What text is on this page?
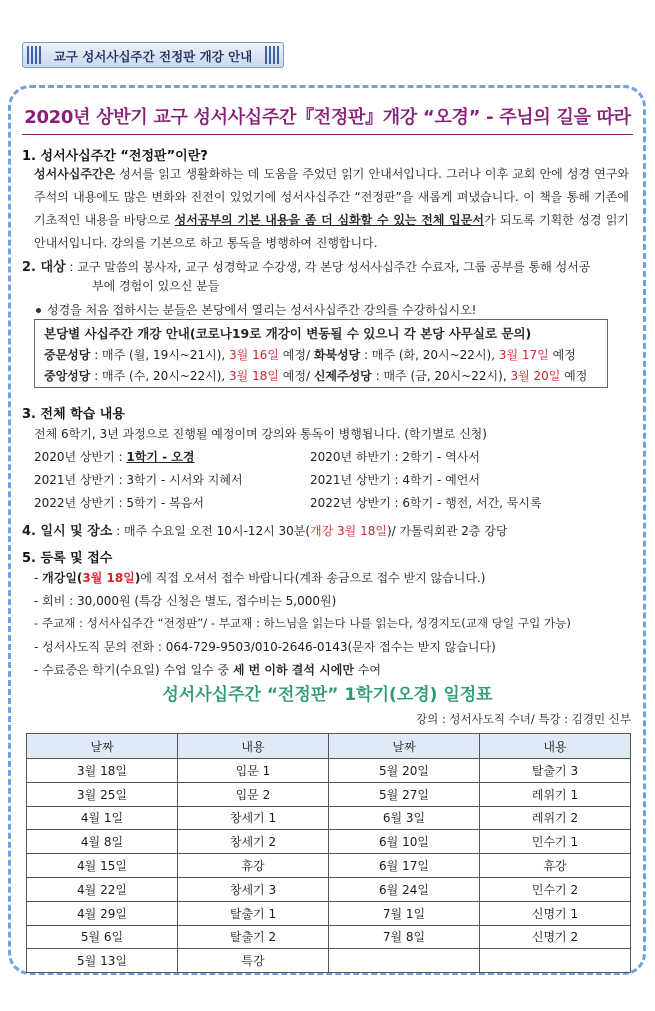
교구 성서사십주간 전정판 개강 안내
2020년 상반기 교구 성서사십주간『전정판』개강 “오경” - 주님의 길을 따라
1. 성서사십주간 “전정판”이란?
성서사십주간은 성서를 읽고 생활화하는 데 도움을 주었던 읽기 안내서입니다. 그러나 이후 교회 안에 성경 연구와 주석의 내용에도 많은 변화와 진전이 있었기에 성서사십주간 “전정판”을 새롭게 펴냈습니다. 이 책을 통해 기존에 기초적인 내용을 바탕으로 성서공부의 기본 내용을 좀 더 심화할 수 있는 전체 입문서가 되도록 기획한 성경 읽기 안내서입니다. 강의를 기본으로 하고 통독을 병행하여 진행합니다.
2. 대상 : 교구 말씀의 봉사자, 교구 성경학교 수강생, 각 본당 성서사십주간 수료자, 그룹 공부를 통해 성서공
부에 경험이 있으신 분들
성경을 처음 접하시는 분들은 본당에서 열리는 성서사십주간 강의를 수강하십시오!
본당별 사십주간 개강 안내(코로나19로 개강이 변동될 수 있으니 각 본당 사무실로 문의)
중문성당 : 매주 (월, 19시~21시), 3월 16일 예정/ 화북성당 : 매주 (화, 20시~22시), 3월 17일 예정
중앙성당 : 매주 (수, 20시~22시), 3월 18일 예정/ 신제주성당 : 매주 (금, 20시~22시), 3월 20일 예정
3. 전체 학습 내용
전체 6학기, 3년 과정으로 진행될 예정이며 강의와 통독이 병행됩니다. (학기별로 신청)
2020년 상반기 : 1학기 - 오경	2020년 하반기 : 2학기 - 역사서
2021년 상반기 : 3학기 - 시서와 지혜서	2021년 상반기 : 4학기 - 예언서
2022년 상반기 : 5학기 - 복음서	2022년 상반기 : 6학기 - 행전, 서간, 묵시록
4. 일시 및 장소 : 매주 수요일 오전 10시-12시 30분(개강 3월 18일)/ 가톨릭회관 2층 강당
5. 등록 및 접수
- 개강일(3월 18일)에 직접 오셔서 접수 바랍니다(계좌 송금으로 접수 받지 않습니다.)
- 회비 : 30,000원 (특강 신청은 별도, 접수비는 5,000원)
- 주교재 : 성서사십주간 “전정판”/ - 부교재 : 하느님을 읽는다 나를 읽는다, 성경지도(교재 당일 구입 가능)
- 성서사도직 문의 전화 : 064-729-9503/010-2646-0143(문자 접수는 받지 않습니다)
- 수료증은 학기(수요일) 수업 일수 중 세 번 이하 결석 시에만 수여
성서사십주간 “전정판” 1학기(오경) 일정표
강의 : 성서사도직 수녀/ 특강 : 김경민 신부
날짜	내용	날짜	내용
3월 18일	입문 1	5월 20일	탈출기 3
3월 25일	입문 2	5월 27일	레위기 1
4월 1일	창세기 1	6월 3일	레위기 2
4월 8일	창세기 2	6월 10일	민수기 1
4월 15일	휴강	6월 17일	휴강
4월 22일	창세기 3	6월 24일	민수기 2
4월 29일	탈출기 1	7월 1일	신명기 1
5월 6일	탈출기 2	7월 8일	신명기 2
5월 13일	특강		
